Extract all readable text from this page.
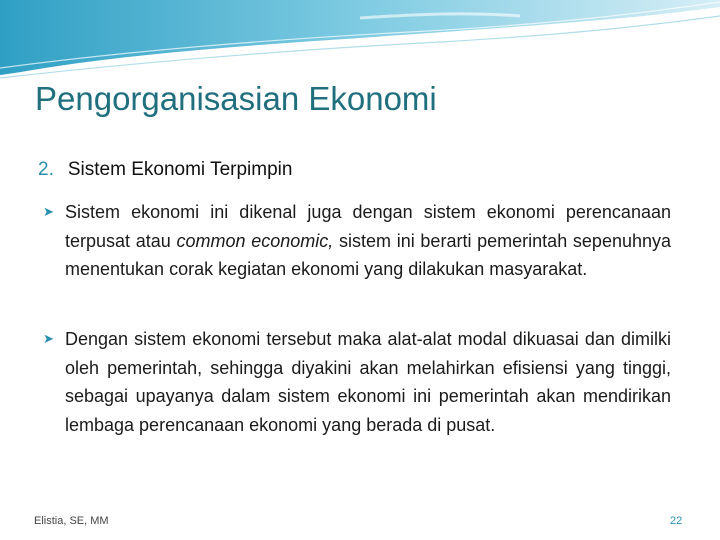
Pengorganisasian Ekonomi
2. Sistem Ekonomi Terpimpin
➤ Sistem ekonomi ini dikenal juga dengan sistem ekonomi perencanaan terpusat atau common economic, sistem ini berarti pemerintah sepenuhnya menentukan corak kegiatan ekonomi yang dilakukan masyarakat.
➤ Dengan sistem ekonomi tersebut maka alat-alat modal dikuasai dan dimilki oleh pemerintah, sehingga diyakini akan melahirkan efisiensi yang tinggi, sebagai upayanya dalam sistem ekonomi ini pemerintah akan mendirikan lembaga perencanaan ekonomi yang berada di pusat.
Elistia, SE, MM	22
